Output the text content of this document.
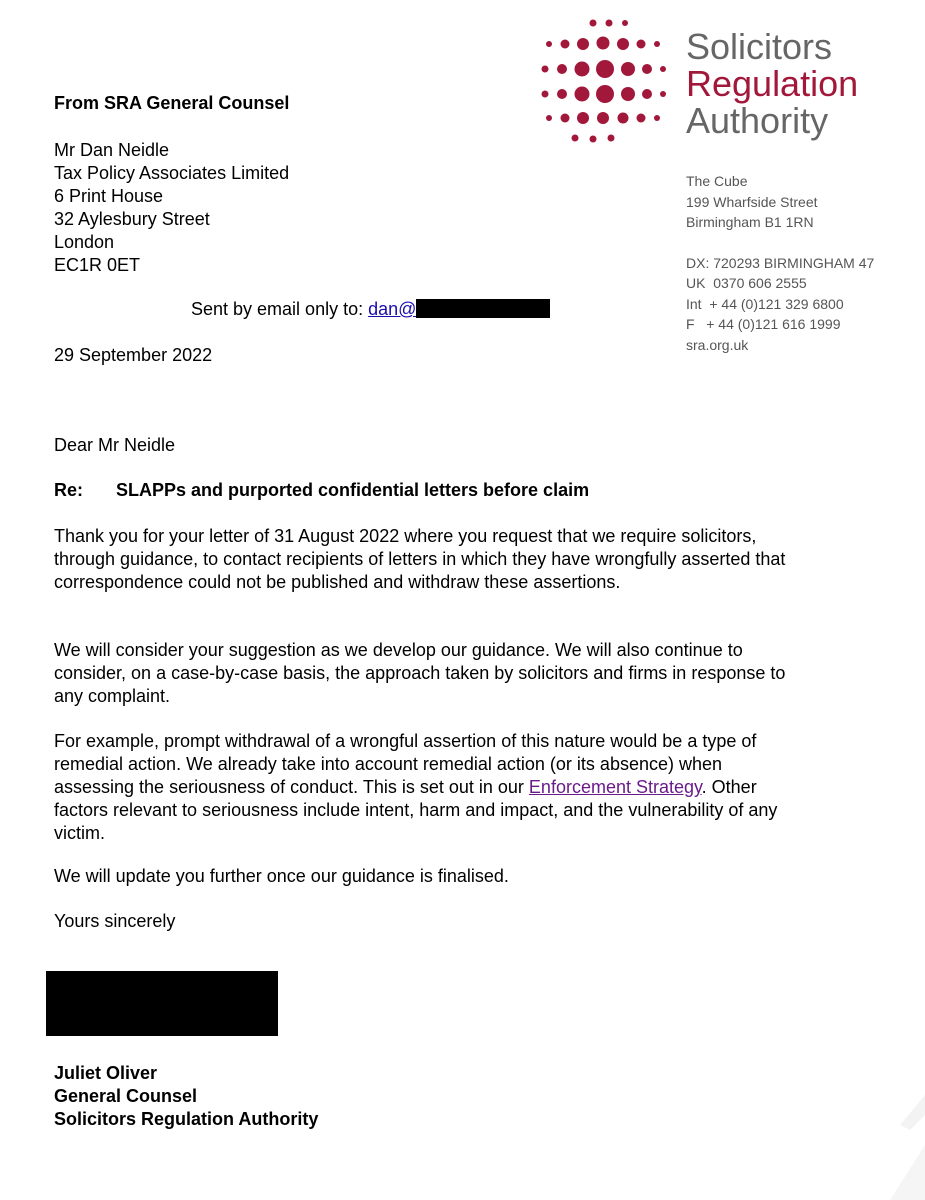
Solicitors
Regulation
Authority
The Cube
199 Wharfside Street
Birmingham B1 1RN
DX: 720293 BIRMINGHAM 47
UK  0370 606 2555
Int  + 44 (0)121 329 6800
F   + 44 (0)121 616 1999
sra.org.uk
From SRA General Counsel
Mr Dan Neidle
Tax Policy Associates Limited
6 Print House
32 Aylesbury Street
London
EC1R 0ET
Sent by email only to: dan@
29 September 2022
Dear Mr Neidle
Re: SLAPPs and purported confidential letters before claim
Thank you for your letter of 31 August 2022 where you request that we require solicitors, through guidance, to contact recipients of letters in which they have wrongfully asserted that correspondence could not be published and withdraw these assertions.
We will consider your suggestion as we develop our guidance. We will also continue to consider, on a case-by-case basis, the approach taken by solicitors and firms in response to any complaint.
For example, prompt withdrawal of a wrongful assertion of this nature would be a type of remedial action. We already take into account remedial action (or its absence) when assessing the seriousness of conduct. This is set out in our Enforcement Strategy. Other factors relevant to seriousness include intent, harm and impact, and the vulnerability of any victim.
We will update you further once our guidance is finalised.
Yours sincerely
Juliet Oliver
General Counsel
Solicitors Regulation Authority
